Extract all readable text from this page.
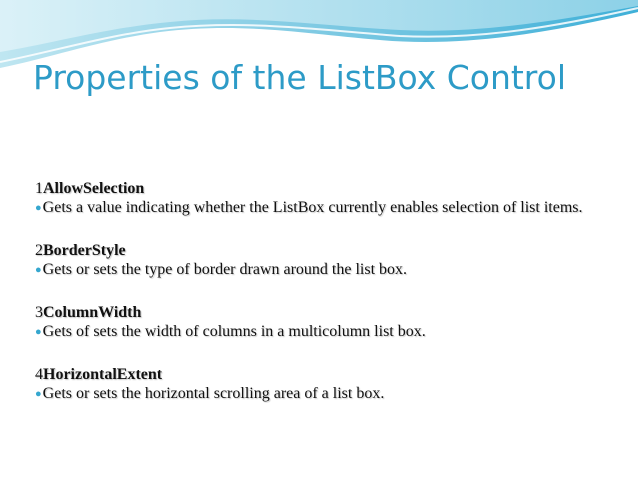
Properties of the ListBox Control
1AllowSelection
●Gets a value indicating whether the ListBox currently enables selection of list items.
2BorderStyle
●Gets or sets the type of border drawn around the list box.
3ColumnWidth
●Gets of sets the width of columns in a multicolumn list box.
4HorizontalExtent
●Gets or sets the horizontal scrolling area of a list box.
